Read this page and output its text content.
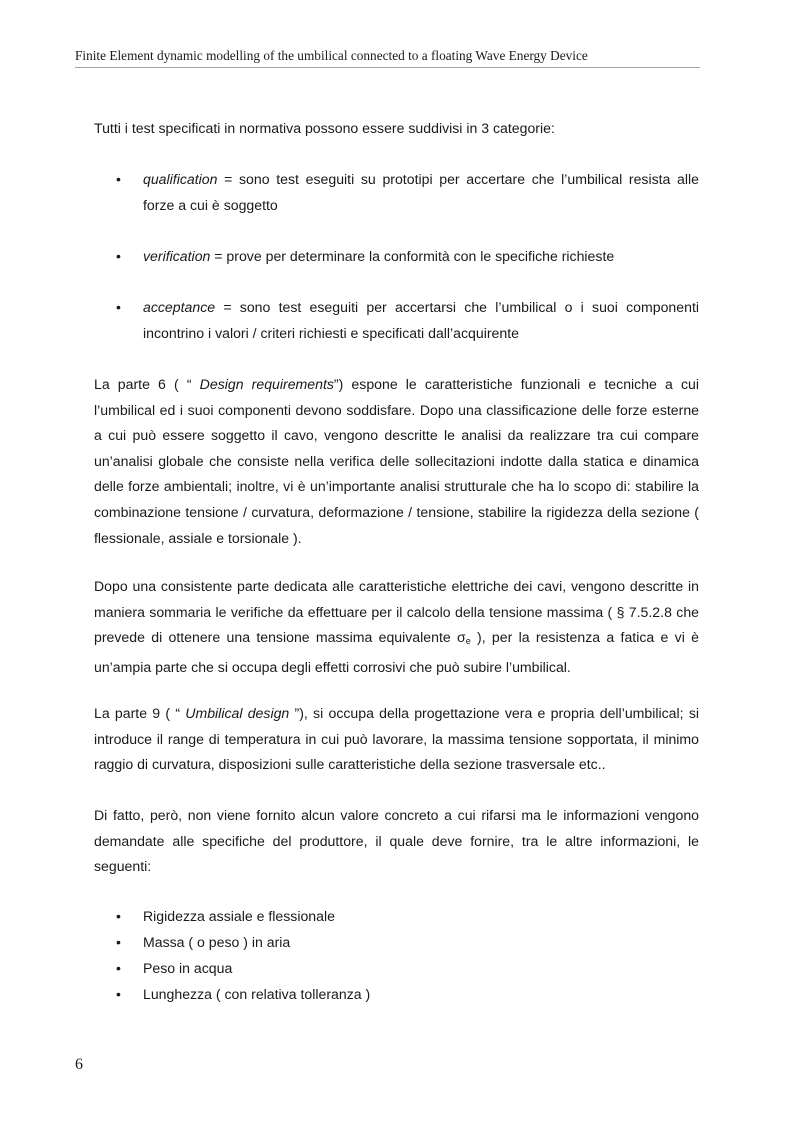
Finite Element dynamic modelling of the umbilical connected to a floating Wave Energy Device

Tutti i test specificati in normativa possono essere suddivisi in 3 categorie:

• qualification = sono test eseguiti su prototipi per accertare che l’umbilical resista alle forze a cui è soggetto
• verification = prove per determinare la conformità con le specifiche richieste
• acceptance = sono test eseguiti per accertarsi che l’umbilical o i suoi componenti incontrino i valori / criteri richiesti e specificati dall’acquirente

La parte 6 ( “ Design requirements”) espone le caratteristiche funzionali e tecniche a cui l’umbilical ed i suoi componenti devono soddisfare. Dopo una classificazione delle forze esterne a cui può essere soggetto il cavo, vengono descritte le analisi da realizzare tra cui compare un’analisi globale che consiste nella verifica delle sollecitazioni indotte dalla statica e dinamica delle forze ambientali; inoltre, vi è un’importante analisi strutturale che ha lo scopo di: stabilire la combinazione tensione / curvatura, deformazione / tensione, stabilire la rigidezza della sezione ( flessionale, assiale e torsionale ).

Dopo una consistente parte dedicata alle caratteristiche elettriche dei cavi, vengono descritte in maniera sommaria le verifiche da effettuare per il calcolo della tensione massima ( § 7.5.2.8 che prevede di ottenere una tensione massima equivalente $\sigma_e$ ), per la resistenza a fatica e vi è un’ampia parte che si occupa degli effetti corrosivi che può subire l’umbilical.

La parte 9 ( “ Umbilical design ”), si occupa della progettazione vera e propria dell’umbilical; si introduce il range di temperatura in cui può lavorare, la massima tensione sopportata, il minimo raggio di curvatura, disposizioni sulle caratteristiche della sezione trasversale etc..

Di fatto, però, non viene fornito alcun valore concreto a cui rifarsi ma le informazioni vengono demandate alle specifiche del produttore, il quale deve fornire, tra le altre informazioni, le seguenti:

• Rigidezza assiale e flessionale
• Massa ( o peso ) in aria
• Peso in acqua
• Lunghezza ( con relativa tolleranza )
6
